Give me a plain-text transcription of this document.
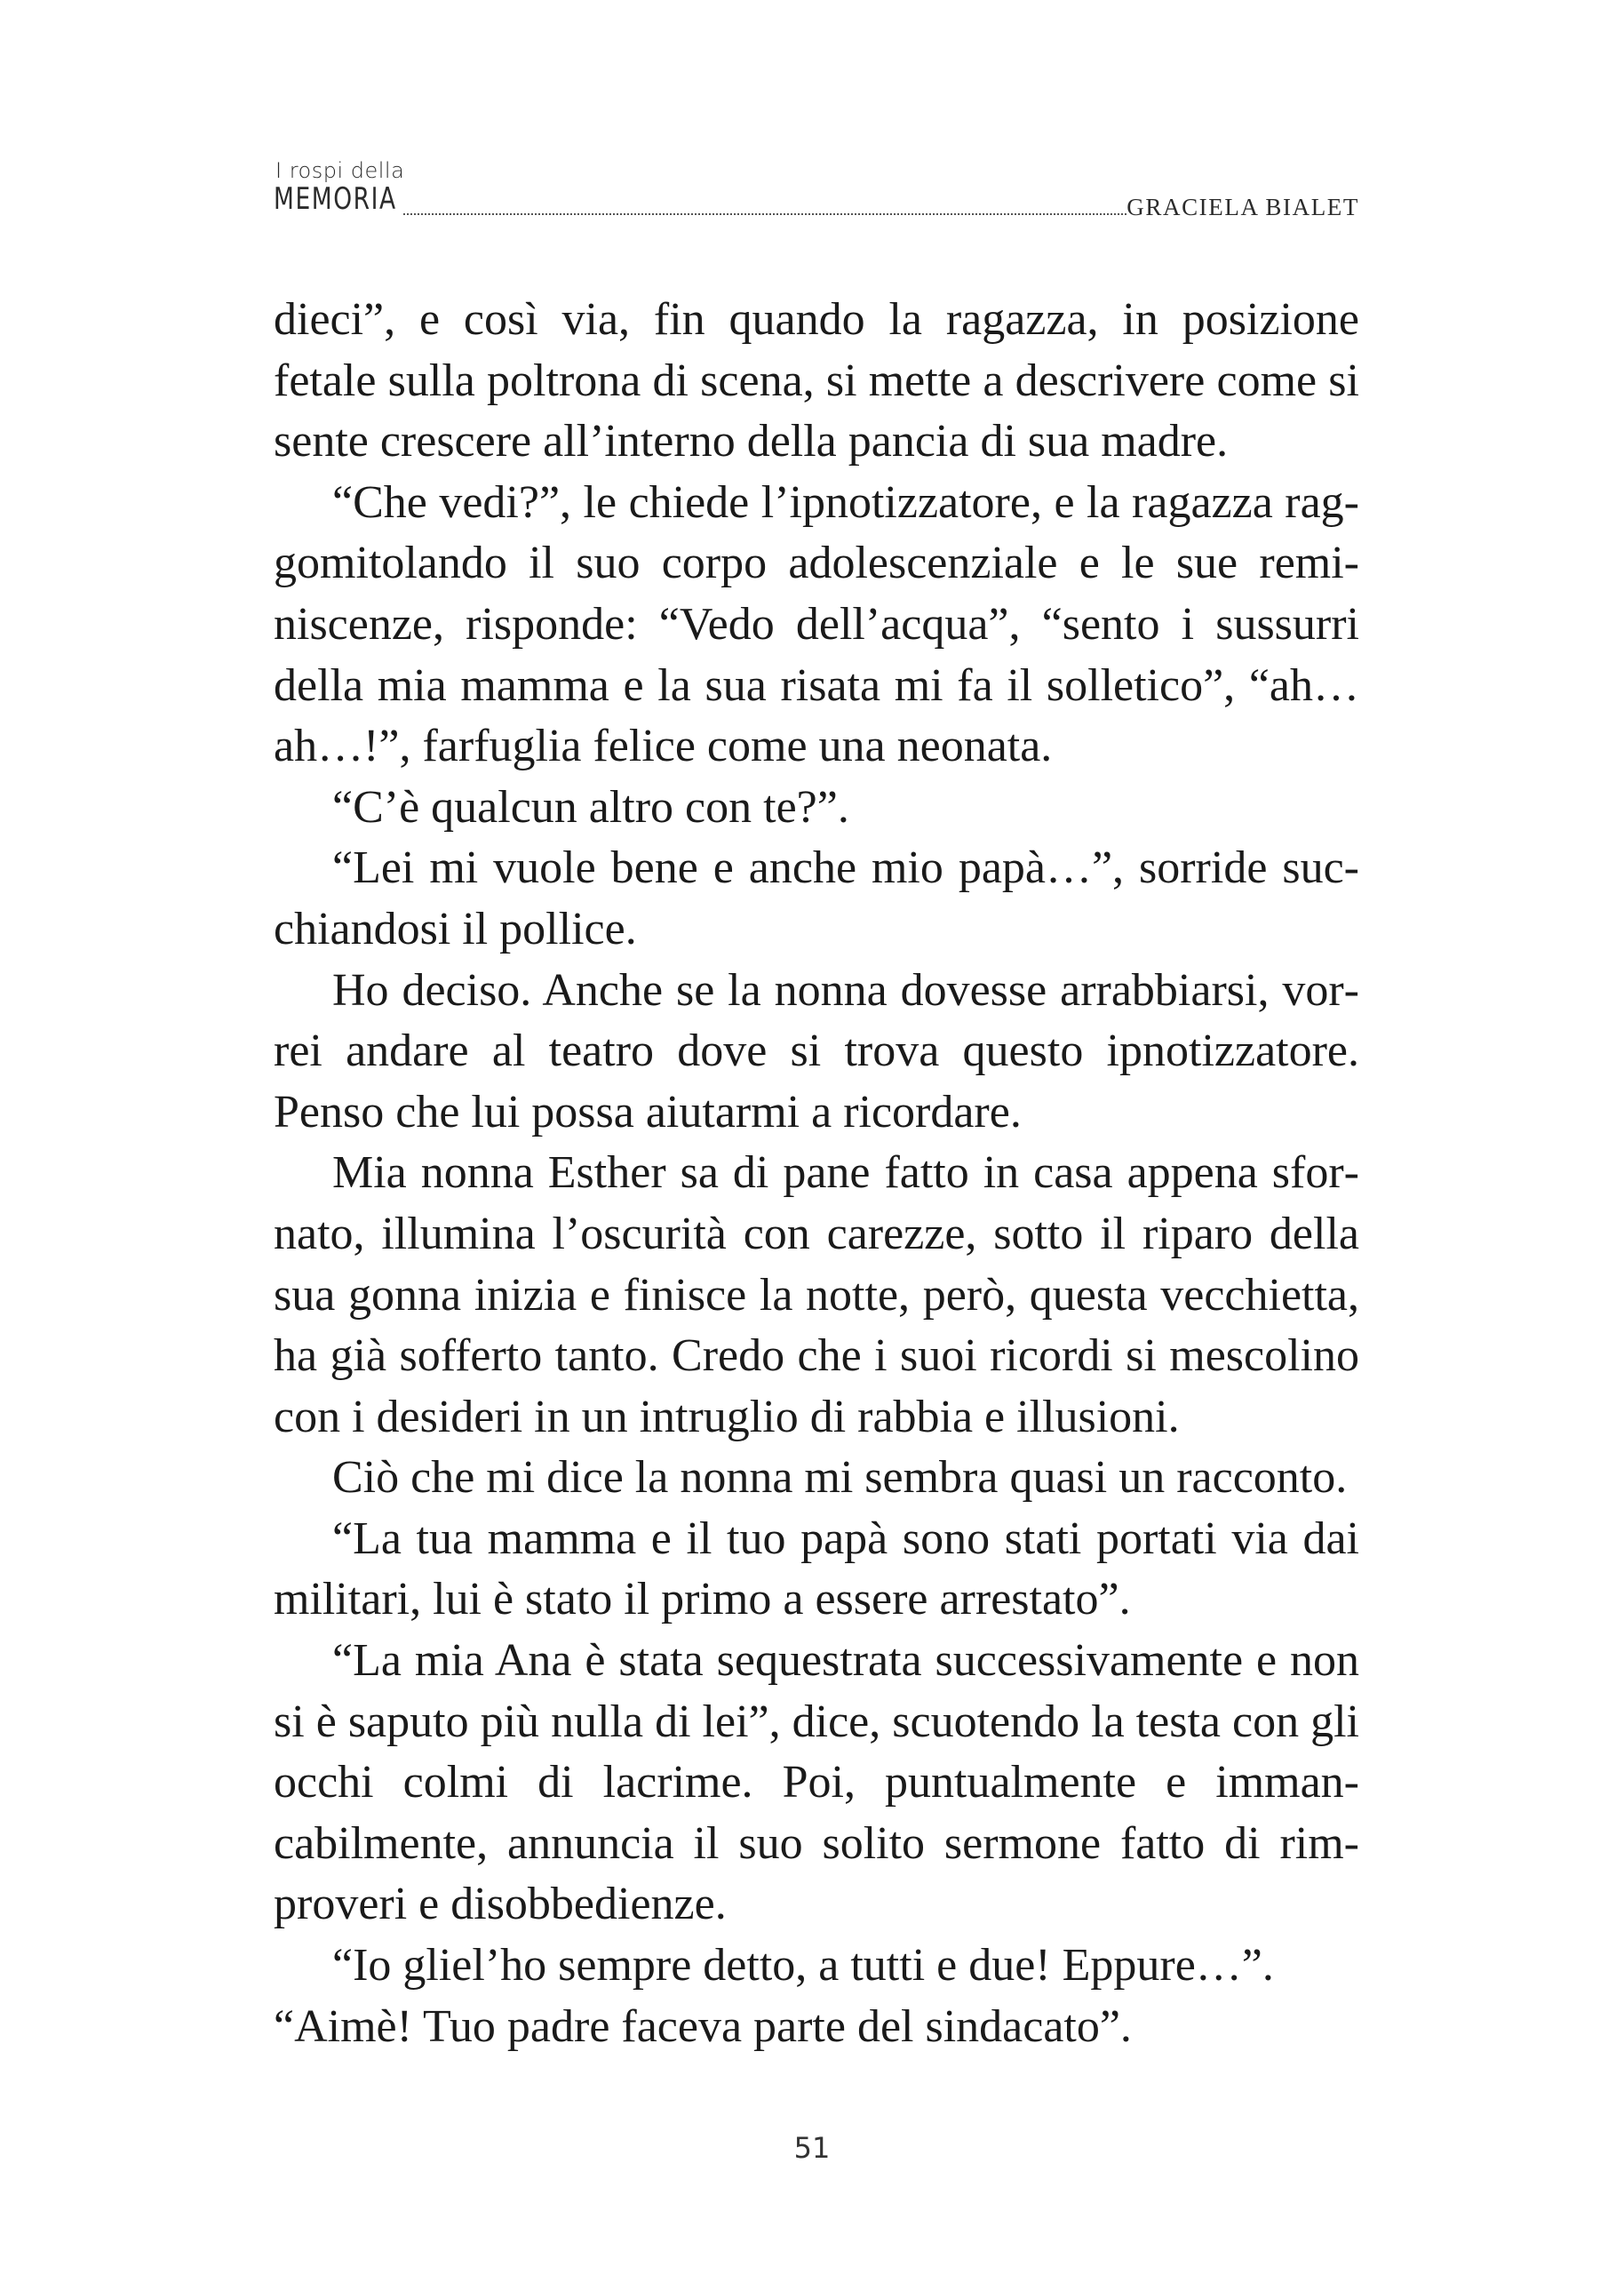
I rospi della
MEMORIA	GRACIELA BIALET

dieci”, e così via, fin quando la ragazza, in posizione fetale sulla poltrona di scena, si mette a descrivere come si sente crescere all’interno della pancia di sua madre.

“Che vedi?”, le chiede l’ipnotizzatore, e la ragazza raggomitolando il suo corpo adolescenziale e le sue reminiscenze, risponde: “Vedo dell’acqua”, “sento i sussurri della mia mamma e la sua risata mi fa il solletico”, “ah… ah…!”, farfuglia felice come una neonata.

“C’è qualcun altro con te?”.

“Lei mi vuole bene e anche mio papà…”, sorride succhiandosi il pollice.

Ho deciso. Anche se la nonna dovesse arrabbiarsi, vorrei andare al teatro dove si trova questo ipnotizzatore. Penso che lui possa aiutarmi a ricordare.

Mia nonna Esther sa di pane fatto in casa appena sfornato, illumina l’oscurità con carezze, sotto il riparo della sua gonna inizia e finisce la notte, però, questa vecchietta, ha già sofferto tanto. Credo che i suoi ricordi si mescolino con i desideri in un intruglio di rabbia e illusioni.

Ciò che mi dice la nonna mi sembra quasi un racconto.

“La tua mamma e il tuo papà sono stati portati via dai militari, lui è stato il primo a essere arrestato”.

“La mia Ana è stata sequestrata successivamente e non si è saputo più nulla di lei”, dice, scuotendo la testa con gli occhi colmi di lacrime. Poi, puntualmente e immancabilmente, annuncia il suo solito sermone fatto di rimproveri e disobbedienze.

“Io gliel’ho sempre detto, a tutti e due! Eppure…”.

“Aimè! Tuo padre faceva parte del sindacato”.

51
